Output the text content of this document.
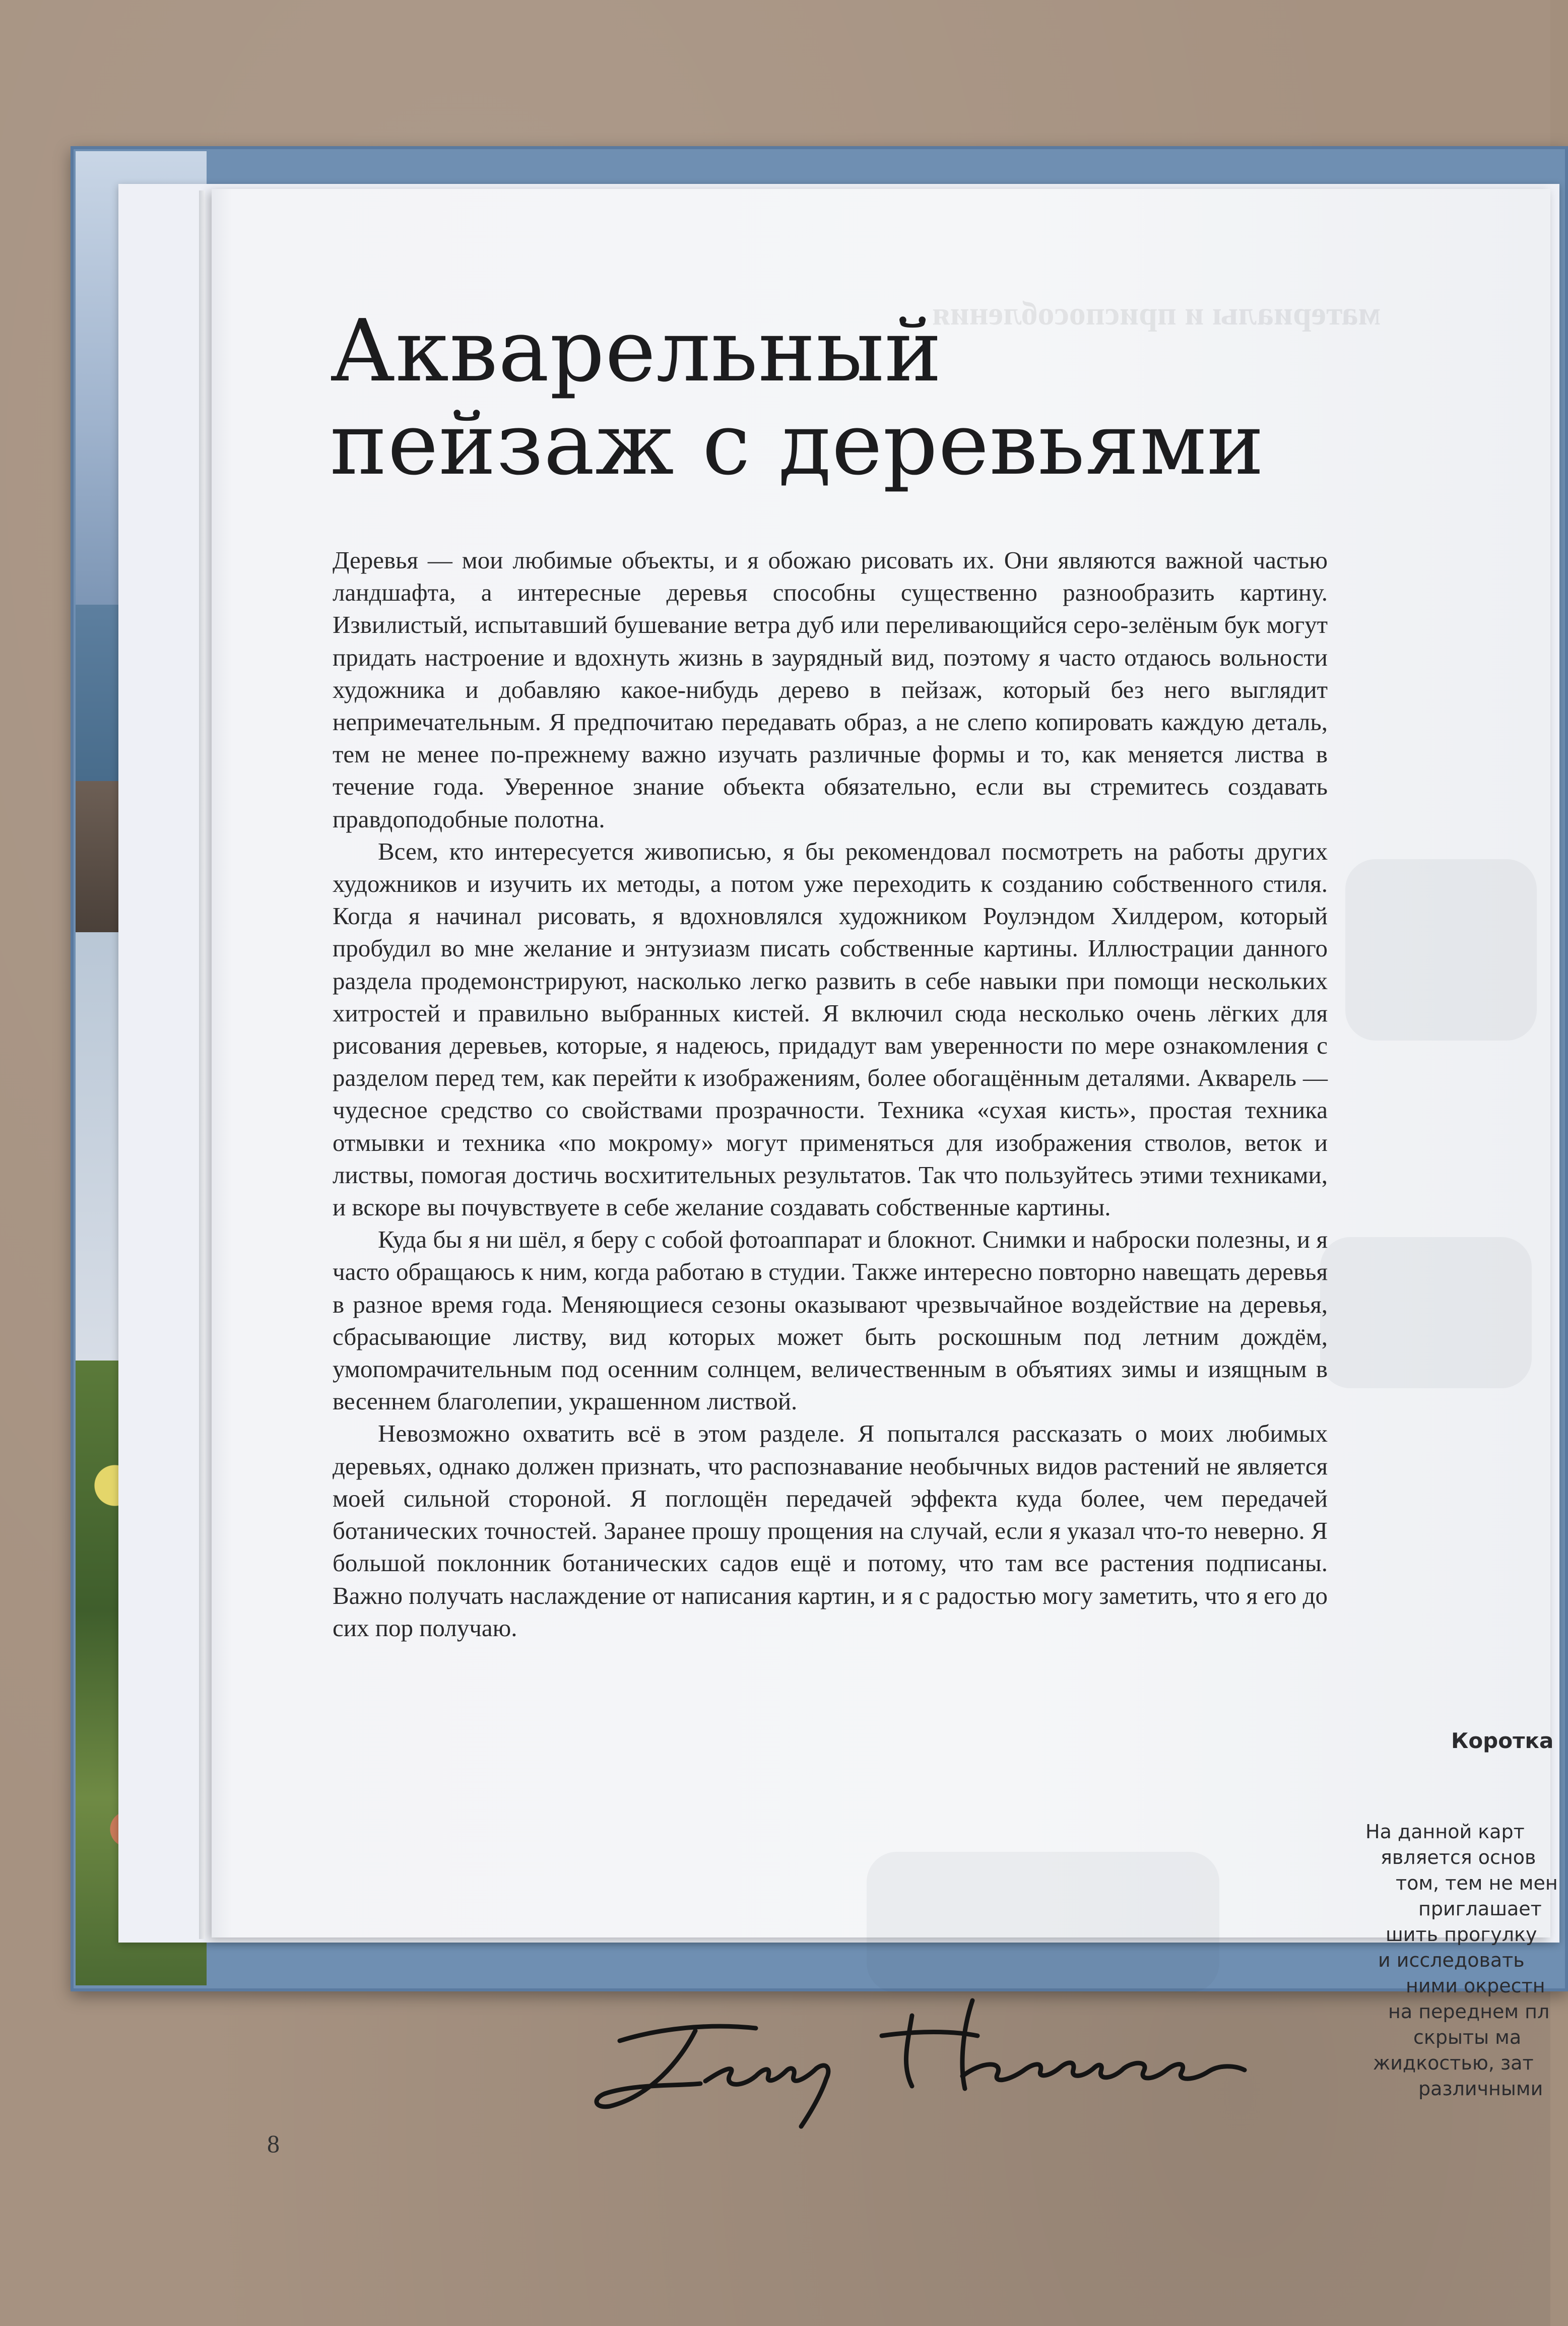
материалы и приспособления
Акварельный
пейзаж с деревьями

Деревья — мои любимые объекты, и я обожаю рисовать их. Они являются важной частью ландшафта, а интересные деревья способны существенно разнообразить картину. Извилистый, испытавший бушевание ветра дуб или переливающийся серо-зелёным бук могут придать настроение и вдохнуть жизнь в заурядный вид, поэтому я часто отдаюсь вольности художника и добавляю какое-нибудь дерево в пейзаж, который без него выглядит непримечательным. Я предпочитаю передавать образ, а не слепо копировать каждую деталь, тем не менее по-прежнему важно изучать различные формы и то, как меняется листва в течение года. Уверенное знание объекта обязательно, если вы стремитесь создавать правдоподобные полотна.

Всем, кто интересуется живописью, я бы рекомендовал посмотреть на работы других художников и изучить их методы, а потом уже переходить к созданию собственного стиля. Когда я начинал рисовать, я вдохновлялся художником Роулэндом Хилдером, который пробудил во мне желание и энтузиазм писать собственные картины. Иллюстрации данного раздела продемонстрируют, насколько легко развить в себе навыки при помощи нескольких хитростей и правильно выбранных кистей. Я включил сюда несколько очень лёгких для рисования деревьев, которые, я надеюсь, придадут вам уверенности по мере ознакомления с разделом перед тем, как перейти к изображениям, более обогащённым деталями. Акварель — чудесное средство со свойствами прозрачности. Техника «сухая кисть», простая техника отмывки и техника «по мокрому» могут применяться для изображения стволов, веток и листвы, помогая достичь восхитительных результатов. Так что пользуйтесь этими техниками, и вскоре вы почувствуете в себе желание создавать собственные картины.

Куда бы я ни шёл, я беру с собой фотоаппарат и блокнот. Снимки и наброски полезны, и я часто обращаюсь к ним, когда работаю в студии. Также интересно повторно навещать деревья в разное время года. Меняющиеся сезоны оказывают чрезвычайное воздействие на деревья, сбрасывающие листву, вид которых может быть роскошным под летним дождём, умопомрачительным под осенним солнцем, величественным в объятиях зимы и изящным в весеннем благолепии, украшенном листвой.

Невозможно охватить всё в этом разделе. Я попытался рассказать о моих любимых деревьях, однако должен признать, что распознавание необычных видов растений не является моей сильной стороной. Я поглощён передачей эффекта куда более, чем передачей ботанических точностей. Заранее прошу прощения на случай, если я указал что-то неверно. Я большой поклонник ботанических садов ещё и потому, что там все растения подписаны. Важно получать наслаждение от написания картин, и я с радостью могу заметить, что я его до сих пор получаю.

8
Коротка
На данной карт
является основ
том, тем не мен
приглашает
шить прогулку
и исследовать
ними окрестн
на переднем пл
скрыты ма
жидкостью, зат
различными
